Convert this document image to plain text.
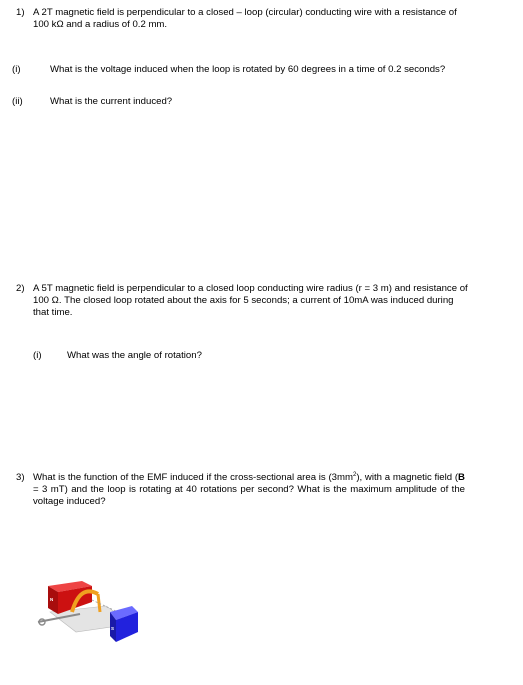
1) A 2T magnetic field is perpendicular to a closed – loop (circular) conducting wire with a resistance of 100 kΩ and a radius of 0.2 mm.
(i)	What is the voltage induced when the loop is rotated by 60 degrees in a time of 0.2 seconds?
(ii)	What is the current induced?
2) A 5T magnetic field is perpendicular to a closed loop conducting wire radius (r = 3 m) and resistance of 100 Ω. The closed loop rotated about the axis for 5 seconds; a current of 10mA was induced during that time.
(i)	What was the angle of rotation?
3) What is the function of the EMF induced if the cross-sectional area is $(3mm^2)$, with a magnetic field (B = 3 mT) and the loop is rotating at 40 rotations per second? What is the maximum amplitude of the voltage induced?
N
S
